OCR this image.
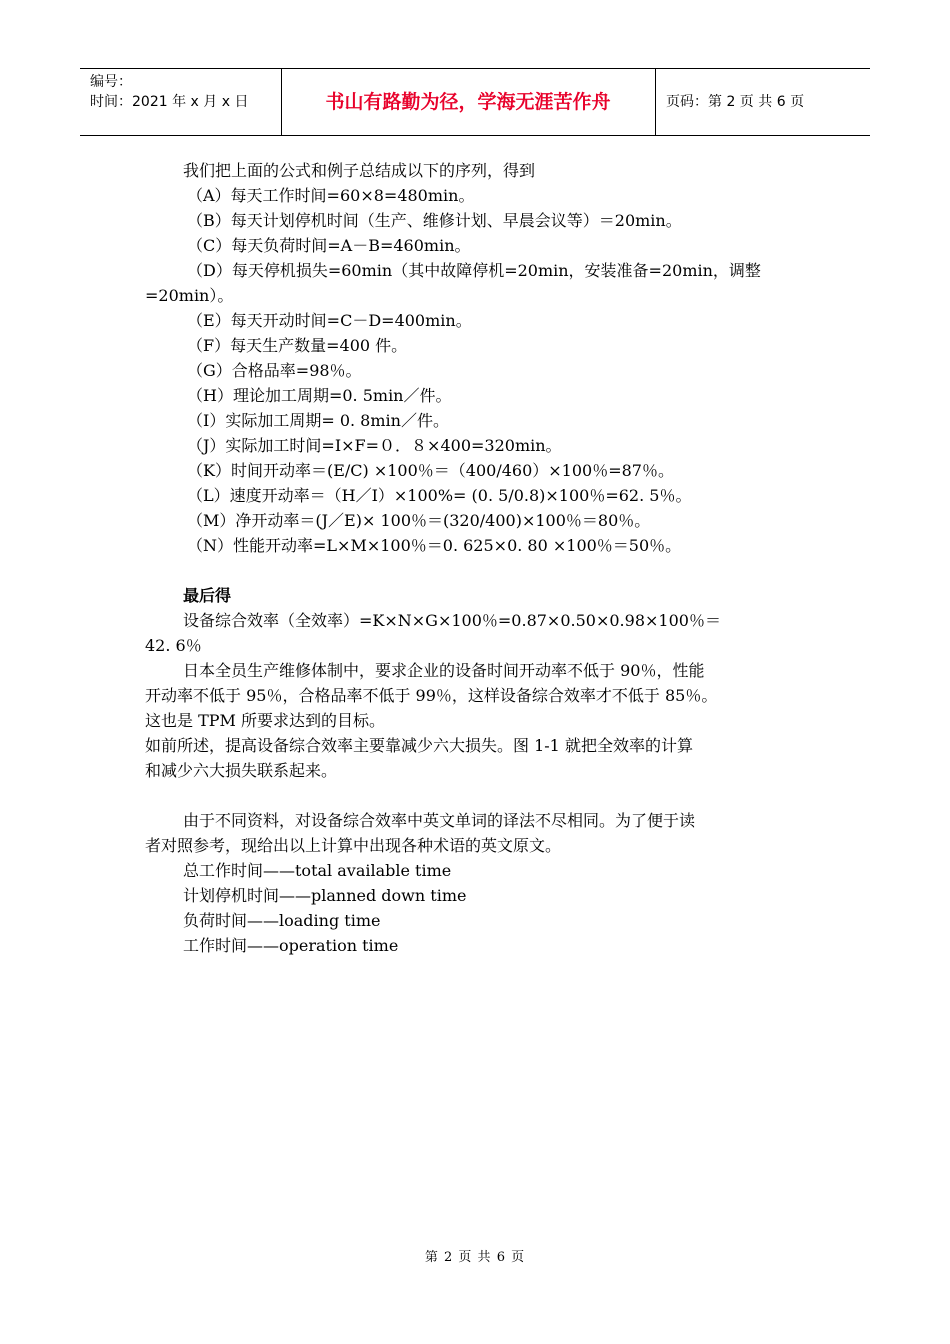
编号：
时间：2021 年 x 月 x 日	书山有路勤为径，学海无涯苦作舟	页码：第 2 页 共 6 页

我们把上面的公式和例子总结成以下的序列，得到

（A）每天工作时间=60×8=480min。

（B）每天计划停机时间（生产、维修计划、早晨会议等）＝20min。

（C）每天负荷时间=A－B=460min。

（D）每天停机损失=60min（其中故障停机=20min，安装准备=20min，调整

=20min）。

（E）每天开动时间=C－D=400min。

（F）每天生产数量=400 件。

（G）合格品率=98％。

（H）理论加工周期=0. 5min／件。

（I）实际加工周期= 0. 8min／件。

（J）实际加工时间=I×F=０．８×400=320min。

（K）时间开动率＝(E/C) ×100％＝（400/460）×100％=87％。

（L）速度开动率＝（H／I）×100%= (0. 5/0.8)×100％=62. 5％。

（M）净开动率＝(J／E)× 100％＝(320/400)×100％＝80％。

（N）性能开动率=L×M×100％＝0. 625×0. 80 ×100％＝50％。

最后得

设备综合效率（全效率）=K×N×G×100％=0.87×0.50×0.98×100％＝

42. 6％

日本全员生产维修体制中，要求企业的设备时间开动率不低于 90％，性能

开动率不低于 95％，合格品率不低于 99％，这样设备综合效率才不低于 85％。

这也是 TPM 所要求达到的目标。

如前所述，提高设备综合效率主要靠减少六大损失。图 1-1 就把全效率的计算

和减少六大损失联系起来。

由于不同资料，对设备综合效率中英文单词的译法不尽相同。为了便于读

者对照参考，现给出以上计算中出现各种术语的英文原文。

总工作时间——total available time

计划停机时间——planned down time

负荷时间——loading time

工作时间——operation time

第 2 页 共 6 页
